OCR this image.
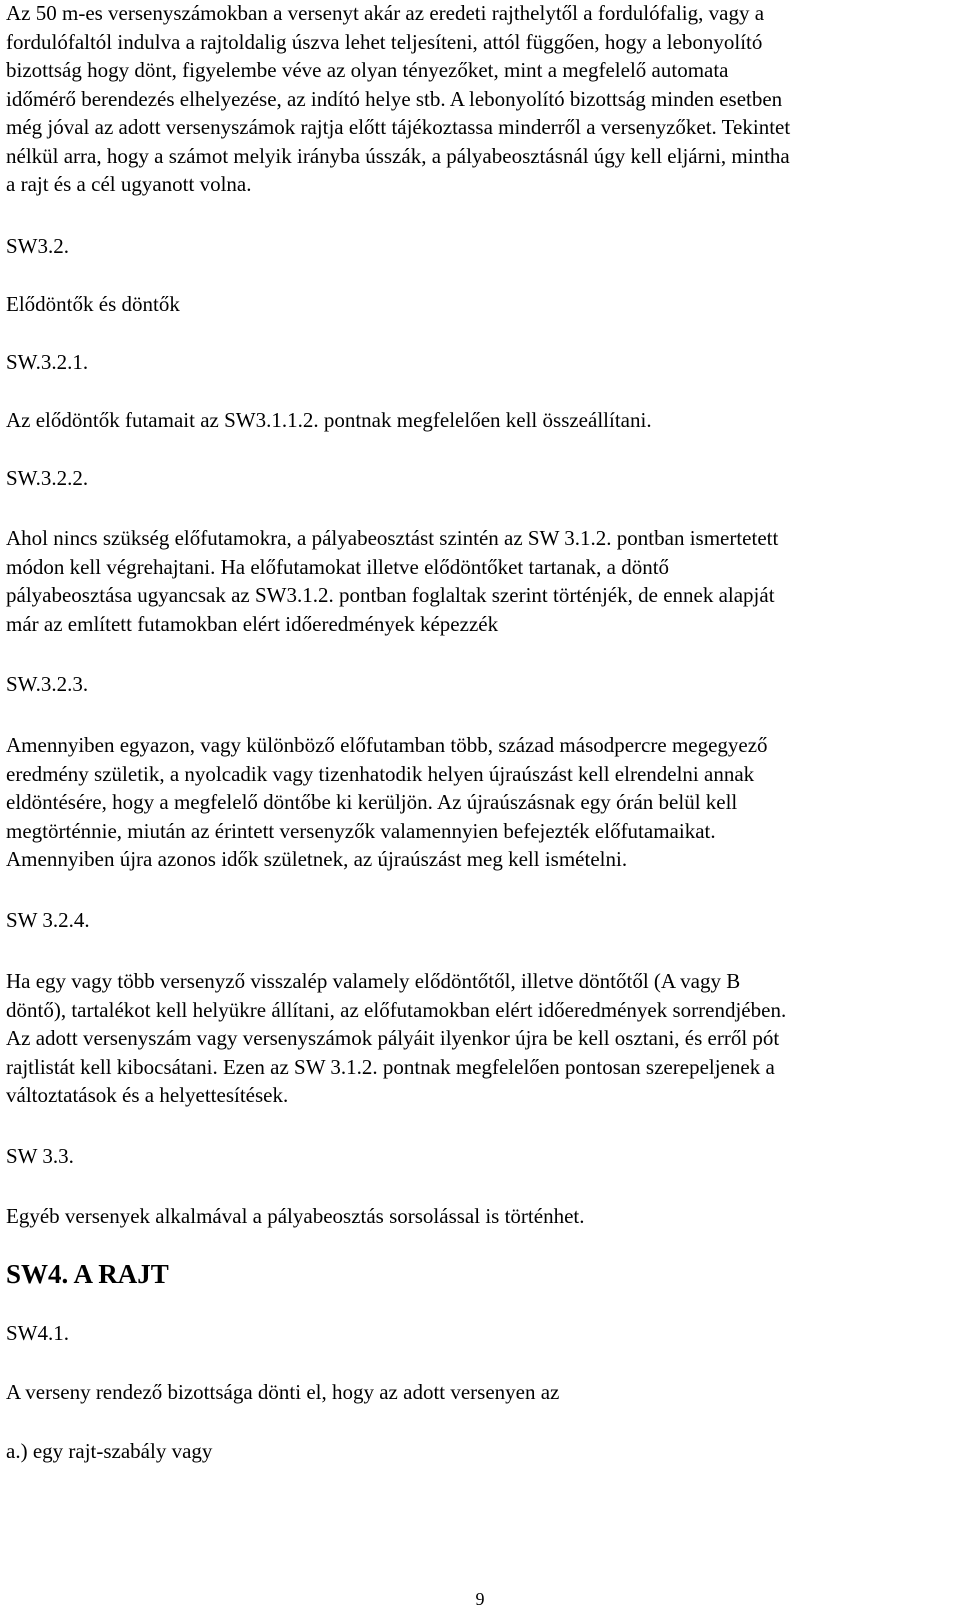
Az 50 m-es versenyszámokban a versenyt akár az eredeti rajthelytől a fordulófalig, vagy a
fordulófaltól indulva a rajtoldalig úszva lehet teljesíteni, attól függően, hogy a lebonyolító
bizottság hogy dönt, figyelembe véve az olyan tényezőket, mint a megfelelő automata
időmérő berendezés elhelyezése, az indító helye stb. A lebonyolító bizottság minden esetben
még jóval az adott versenyszámok rajtja előtt tájékoztassa minderről a versenyzőket. Tekintet
nélkül arra, hogy a számot melyik irányba ússzák, a pályabeosztásnál úgy kell eljárni, mintha
a rajt és a cél ugyanott volna.

SW3.2.

Elődöntők és döntők

SW.3.2.1.

Az elődöntők futamait az SW3.1.1.2. pontnak megfelelően kell összeállítani.

SW.3.2.2.

Ahol nincs szükség előfutamokra, a pályabeosztást szintén az SW 3.1.2. pontban ismertetett
módon kell végrehajtani. Ha előfutamokat illetve elődöntőket tartanak, a döntő
pályabeosztása ugyancsak az SW3.1.2. pontban foglaltak szerint történjék, de ennek alapját
már az említett futamokban elért időeredmények képezzék

SW.3.2.3.

Amennyiben egyazon, vagy különböző előfutamban több, század másodpercre megegyező
eredmény születik, a nyolcadik vagy tizenhatodik helyen újraúszást kell elrendelni annak
eldöntésére, hogy a megfelelő döntőbe ki kerüljön. Az újraúszásnak egy órán belül kell
megtörténnie, miután az érintett versenyzők valamennyien befejezték előfutamaikat.
Amennyiben újra azonos idők születnek, az újraúszást meg kell ismételni.

SW 3.2.4.

Ha egy vagy több versenyző visszalép valamely elődöntőtől, illetve döntőtől (A vagy B
döntő), tartalékot kell helyükre állítani, az előfutamokban elért időeredmények sorrendjében.
Az adott versenyszám vagy versenyszámok pályáit ilyenkor újra be kell osztani, és erről pót
rajtlistát kell kibocsátani. Ezen az SW 3.1.2. pontnak megfelelően pontosan szerepeljenek a
változtatások és a helyettesítések.

SW 3.3.

Egyéb versenyek alkalmával a pályabeosztás sorsolással is történhet.

SW4. A RAJT

SW4.1.

A verseny rendező bizottsága dönti el, hogy az adott versenyen az

a.) egy rajt-szabály vagy

9
